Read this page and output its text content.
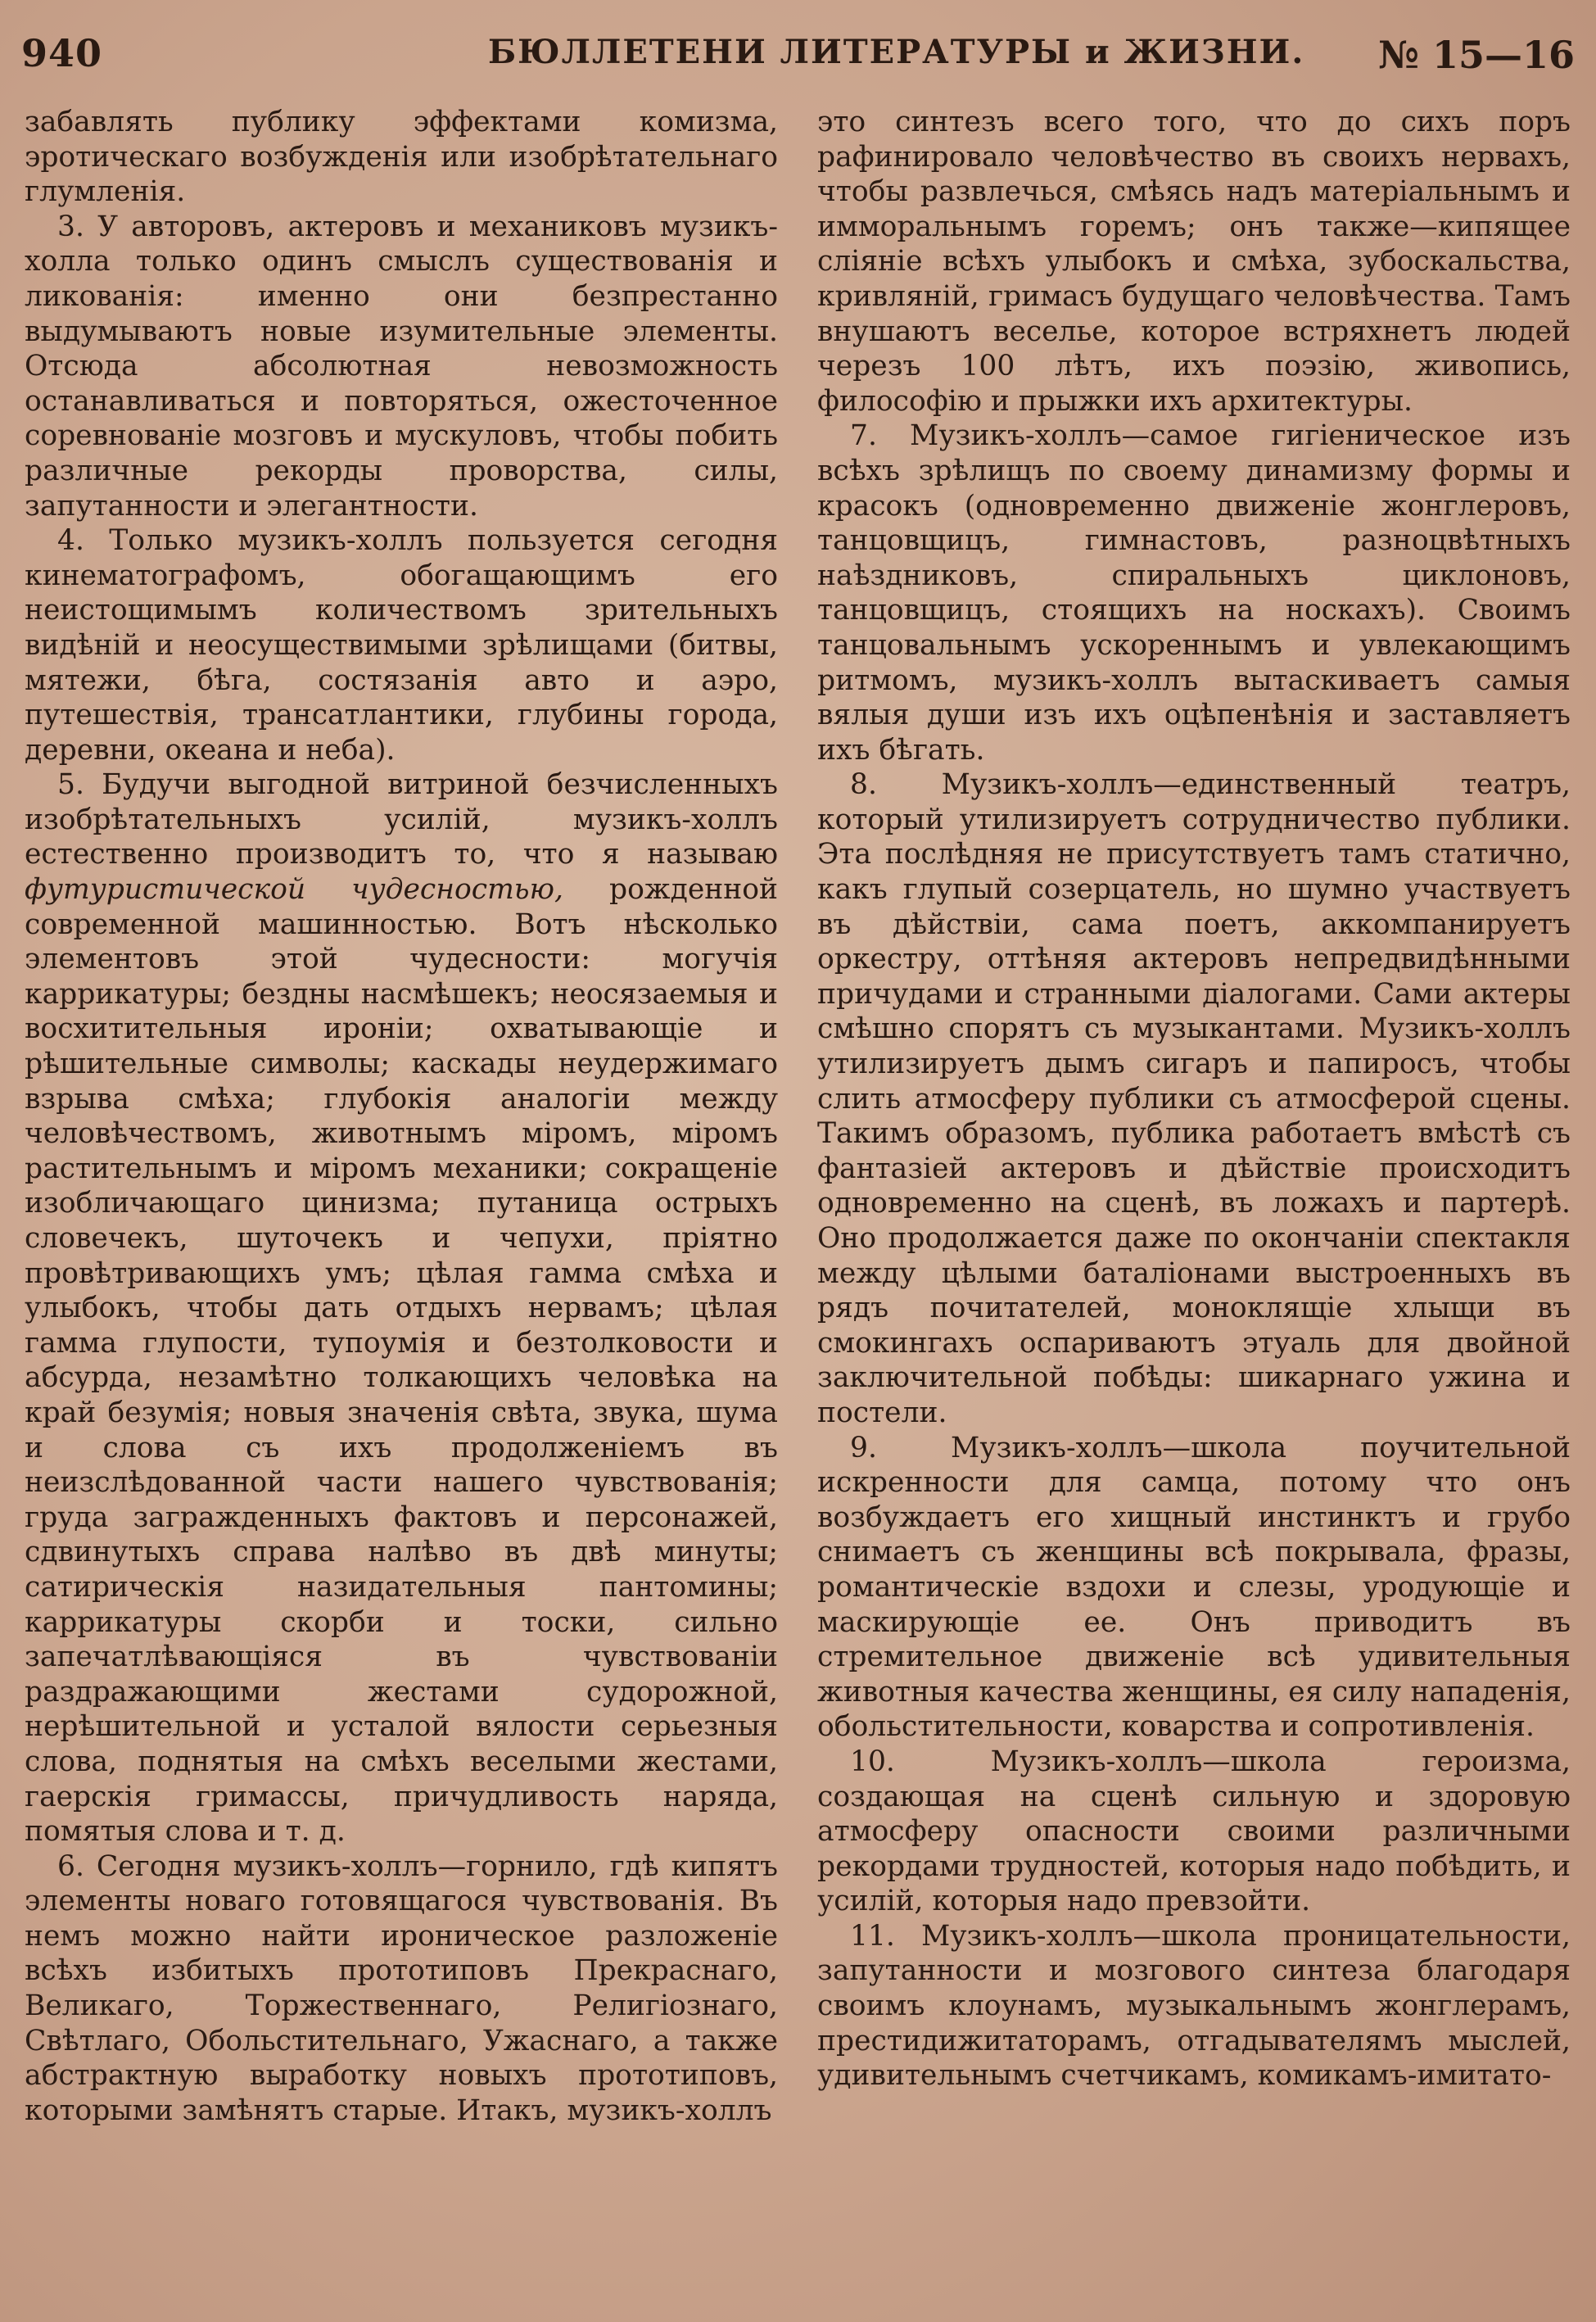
940	БЮЛЛЕТЕНИ ЛИТЕРАТУРЫ и ЖИЗНИ. № 15—16

забавлять публику эффектами комизма, эротическаго возбужденія или изобрѣтательнаго глумленія.

3. У авторовъ, актеровъ и механиковъ музикъ-холла только одинъ смыслъ существованія и ликованія: именно они безпрестанно выдумываютъ новые изумительные элементы. Отсюда абсолютная невозможность останавливаться и повторяться, ожесточенное соревнованіе мозговъ и мускуловъ, чтобы побить различные рекорды проворства, силы, запутанности и элегантности.

4. Только музикъ-холлъ пользуется сегодня кинематографомъ, обогащающимъ его неистощимымъ количествомъ зрительныхъ видѣній и неосуществимыми зрѣлищами (битвы, мятежи, бѣга, состязанія авто и аэро, путешествія, трансатлантики, глубины города, деревни, океана и неба).

5. Будучи выгодной витриной безчисленныхъ изобрѣтательныхъ усилій, музикъ-холлъ естественно производитъ то, что я называю футуристической чудесностью, рожденной современной машинностью. Вотъ нѣсколько элементовъ этой чудесности: могучія каррикатуры; бездны насмѣшекъ; неосязаемыя и восхитительныя ироніи; охватывающіе и рѣшительные символы; каскады неудержимаго взрыва смѣха; глубокія аналогіи между человѣчествомъ, животнымъ міромъ, міромъ растительнымъ и міромъ механики; сокращеніе изобличающаго цинизма; путаница острыхъ словечекъ, шуточекъ и чепухи, пріятно провѣтривающихъ умъ; цѣлая гамма смѣха и улыбокъ, чтобы дать отдыхъ нервамъ; цѣлая гамма глупости, тупоумія и безтолковости и абсурда, незамѣтно толкающихъ человѣка на край безумія; новыя значенія свѣта, звука, шума и слова съ ихъ продолженіемъ въ неизслѣдованной части нашего чувствованія; груда загражденныхъ фактовъ и персонажей, сдвинутыхъ справа налѣво въ двѣ минуты; сатирическія назидательныя пантомины; каррикатуры скорби и тоски, сильно запечатлѣвающіяся въ чувствованіи раздражающими жестами судорожной, нерѣшительной и усталой вялости серьезныя слова, поднятыя на смѣхъ веселыми жестами, гаерскія гримассы, причудливость наряда, помятыя слова и т. д.

6. Сегодня музикъ-холлъ—горнило, гдѣ кипятъ элементы новаго готовящагося чувствованія. Въ немъ можно найти ироническое разложеніе всѣхъ избитыхъ прототиповъ Прекраснаго, Великаго, Торжественнаго, Религіознаго, Свѣтлаго, Обольстительнаго, Ужаснаго, а также абстрактную выработку новыхъ прототиповъ, которыми замѣнятъ старые. Итакъ, музикъ-холлъ

это синтезъ всего того, что до сихъ поръ рафинировало человѣчество въ своихъ нервахъ, чтобы развлечься, смѣясь надъ матеріальнымъ и имморальнымъ горемъ; онъ также—кипящее сліяніе всѣхъ улыбокъ и смѣха, зубоскальства, кривляній, гримасъ будущаго человѣчества. Тамъ внушаютъ веселье, которое встряхнетъ людей черезъ 100 лѣтъ, ихъ поэзію, живопись, философію и прыжки ихъ архитектуры.

7. Музикъ-холлъ—самое гигіеническое изъ всѣхъ зрѣлищъ по своему динамизму формы и красокъ (одновременно движеніе жонглеровъ, танцовщицъ, гимнастовъ, разноцвѣтныхъ наѣздниковъ, спиральныхъ циклоновъ, танцовщицъ, стоящихъ на носкахъ). Своимъ танцовальнымъ ускореннымъ и увлекающимъ ритмомъ, музикъ-холлъ вытаскиваетъ самыя вялыя души изъ ихъ оцѣпенѣнія и заставляетъ ихъ бѣгать.

8. Музикъ-холлъ—единственный театръ, который утилизируетъ сотрудничество публики. Эта послѣдняя не присутствуетъ тамъ статично, какъ глупый созерцатель, но шумно участвуетъ въ дѣйствіи, сама поетъ, аккомпанируетъ оркестру, оттѣняя актеровъ непредвидѣнными причудами и странными діалогами. Сами актеры смѣшно спорятъ съ музыкантами. Музикъ-холлъ утилизируетъ дымъ сигаръ и папиросъ, чтобы слить атмосферу публики съ атмосферой сцены. Такимъ образомъ, публика работаетъ вмѣстѣ съ фантазіей актеровъ и дѣйствіе происходитъ одновременно на сценѣ, въ ложахъ и партерѣ. Оно продолжается даже по окончаніи спектакля между цѣлыми баталіонами выстроенныхъ въ рядъ почитателей, моноклящіе хлыщи въ смокингахъ оспариваютъ этуаль для двойной заключительной побѣды: шикарнаго ужина и постели.

9. Музикъ-холлъ—школа поучительной искренности для самца, потому что онъ возбуждаетъ его хищный инстинктъ и грубо снимаетъ съ женщины всѣ покрывала, фразы, романтическіе вздохи и слезы, уродующіе и маскирующіе ее. Онъ приводитъ въ стремительное движеніе всѣ удивительныя животныя качества женщины, ея силу нападенія, обольстительности, коварства и сопротивленія.

10. Музикъ-холлъ—школа героизма, создающая на сценѣ сильную и здоровую атмосферу опасности своими различными рекордами трудностей, которыя надо побѣдить, и усилій, которыя надо превзойти.

11. Музикъ-холлъ—школа проницательности, запутанности и мозгового синтеза благодаря своимъ клоунамъ, музыкальнымъ жонглерамъ, престидижитаторамъ, отгадывателямъ мыслей, удивительнымъ счетчикамъ, комикамъ-имитато-
